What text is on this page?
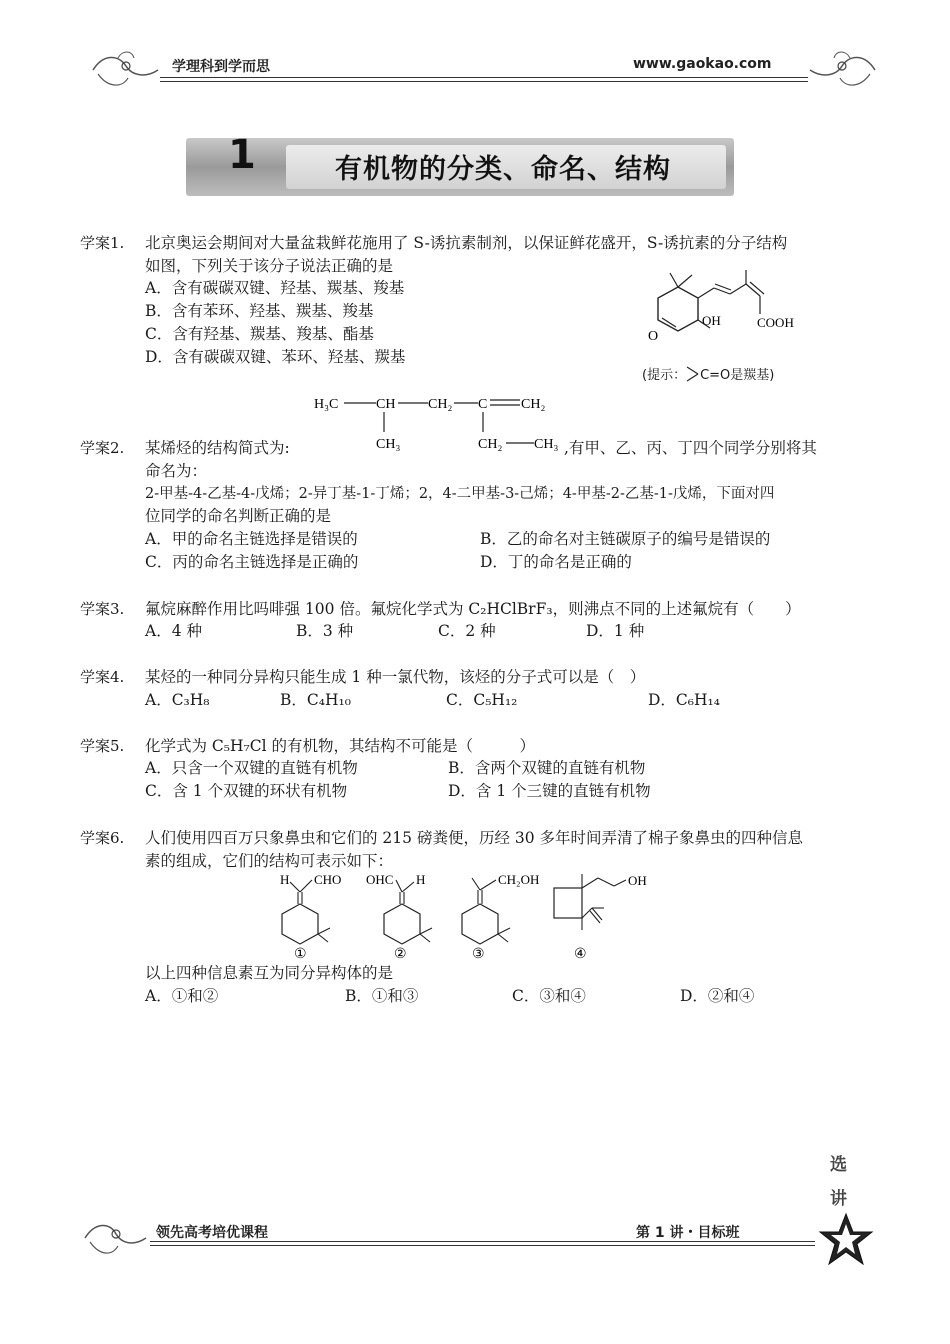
学理科到学而思	www.gaokao.com
1	有机物的分类、命名、结构
学案1. 北京奥运会期间对大量盆栽鲜花施用了 S-诱抗素制剂，以保证鲜花盛开，S-诱抗素的分子结构
如图，下列关于该分子说法正确的是
A．含有碳碳双键、羟基、羰基、羧基
B．含有苯环、羟基、羰基、羧基
C．含有羟基、羰基、羧基、酯基
D．含有碳碳双键、苯环、羟基、羰基
O
OH	COOH
(提示： C=O是羰基)
H₃C	CH CH₂ C CH₂
CH₃	CH₂ CH₃
学案2. 某烯烃的结构简式为:	,有甲、乙、丙、丁四个同学分别将其
命名为：
2-甲基-4-乙基-4-戊烯；2-异丁基-1-丁烯；2，4-二甲基-3-己烯；4-甲基-2-乙基-1-戊烯，下面对四
位同学的命名判断正确的是
A．甲的命名主链选择是错误的	B．乙的命名对主链碳原子的编号是错误的
C．丙的命名主链选择是正确的	D．丁的命名是正确的
学案3. 氟烷麻醉作用比吗啡强 100 倍。氟烷化学式为 C₂HClBrF₃，则沸点不同的上述氟烷有（　　）
A．4 种	B．3 种	C．2 种	D．1 种
学案4. 某烃的一种同分异构只能生成 1 种一氯代物，该烃的分子式可以是（　）
A．C₃H₈	B．C₄H₁₀	C．C₅H₁₂	D．C₆H₁₄
学案5. 化学式为 C₅H₇Cl 的有机物，其结构不可能是（　　　）
A．只含一个双键的直链有机物	B．含两个双键的直链有机物
C．含 1 个双键的环状有机物	D．含 1 个三键的直链有机物
学案6. 人们使用四百万只象鼻虫和它们的 215 磅粪便，历经 30 多年时间弄清了棉子象鼻虫的四种信息
素的组成，它们的结构可表示如下：
H CHO
①
OHC H
②
CH₂OH
③
OH
④
以上四种信息素互为同分异构体的是
A．①和②	B．①和③	C．③和④	D．②和④
选
讲
领先高考培优课程	第 1 讲・目标班
